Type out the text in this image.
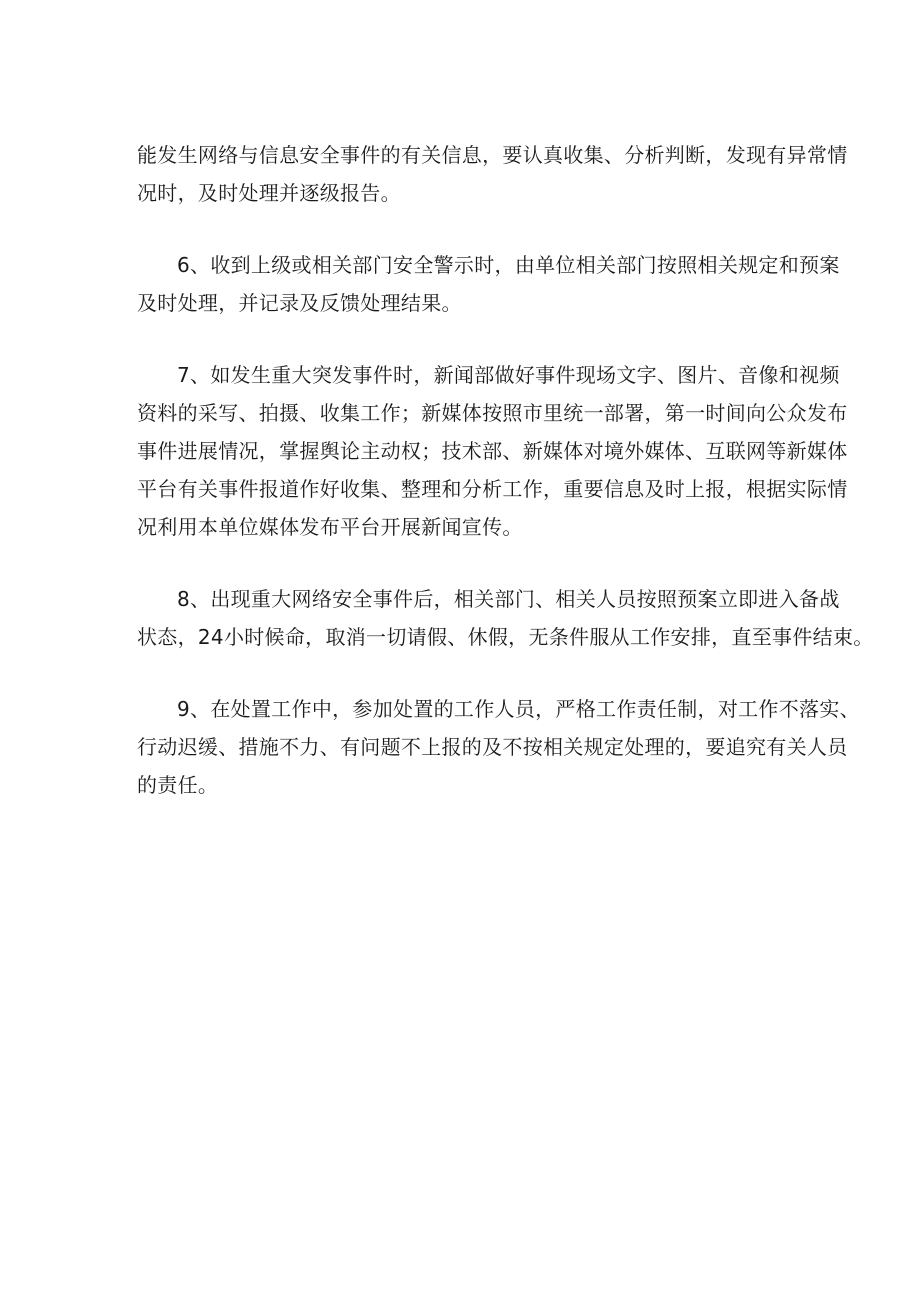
能发生网络与信息安全事件的有关信息，要认真收集、分析判断，发现有异常情
况时，及时处理并逐级报告。

6、收到上级或相关部门安全警示时，由单位相关部门按照相关规定和预案
及时处理，并记录及反馈处理结果。

7、如发生重大突发事件时，新闻部做好事件现场文字、图片、音像和视频
资料的采写、拍摄、收集工作；新媒体按照市里统一部署，第一时间向公众发布
事件进展情况，掌握舆论主动权；技术部、新媒体对境外媒体、互联网等新媒体
平台有关事件报道作好收集、整理和分析工作，重要信息及时上报，根据实际情
况利用本单位媒体发布平台开展新闻宣传。

8、出现重大网络安全事件后，相关部门、相关人员按照预案立即进入备战
状态，24小时候命，取消一切请假、休假，无条件服从工作安排，直至事件结束。

9、在处置工作中，参加处置的工作人员，严格工作责任制，对工作不落实、
行动迟缓、措施不力、有问题不上报的及不按相关规定处理的，要追究有关人员
的责任。
